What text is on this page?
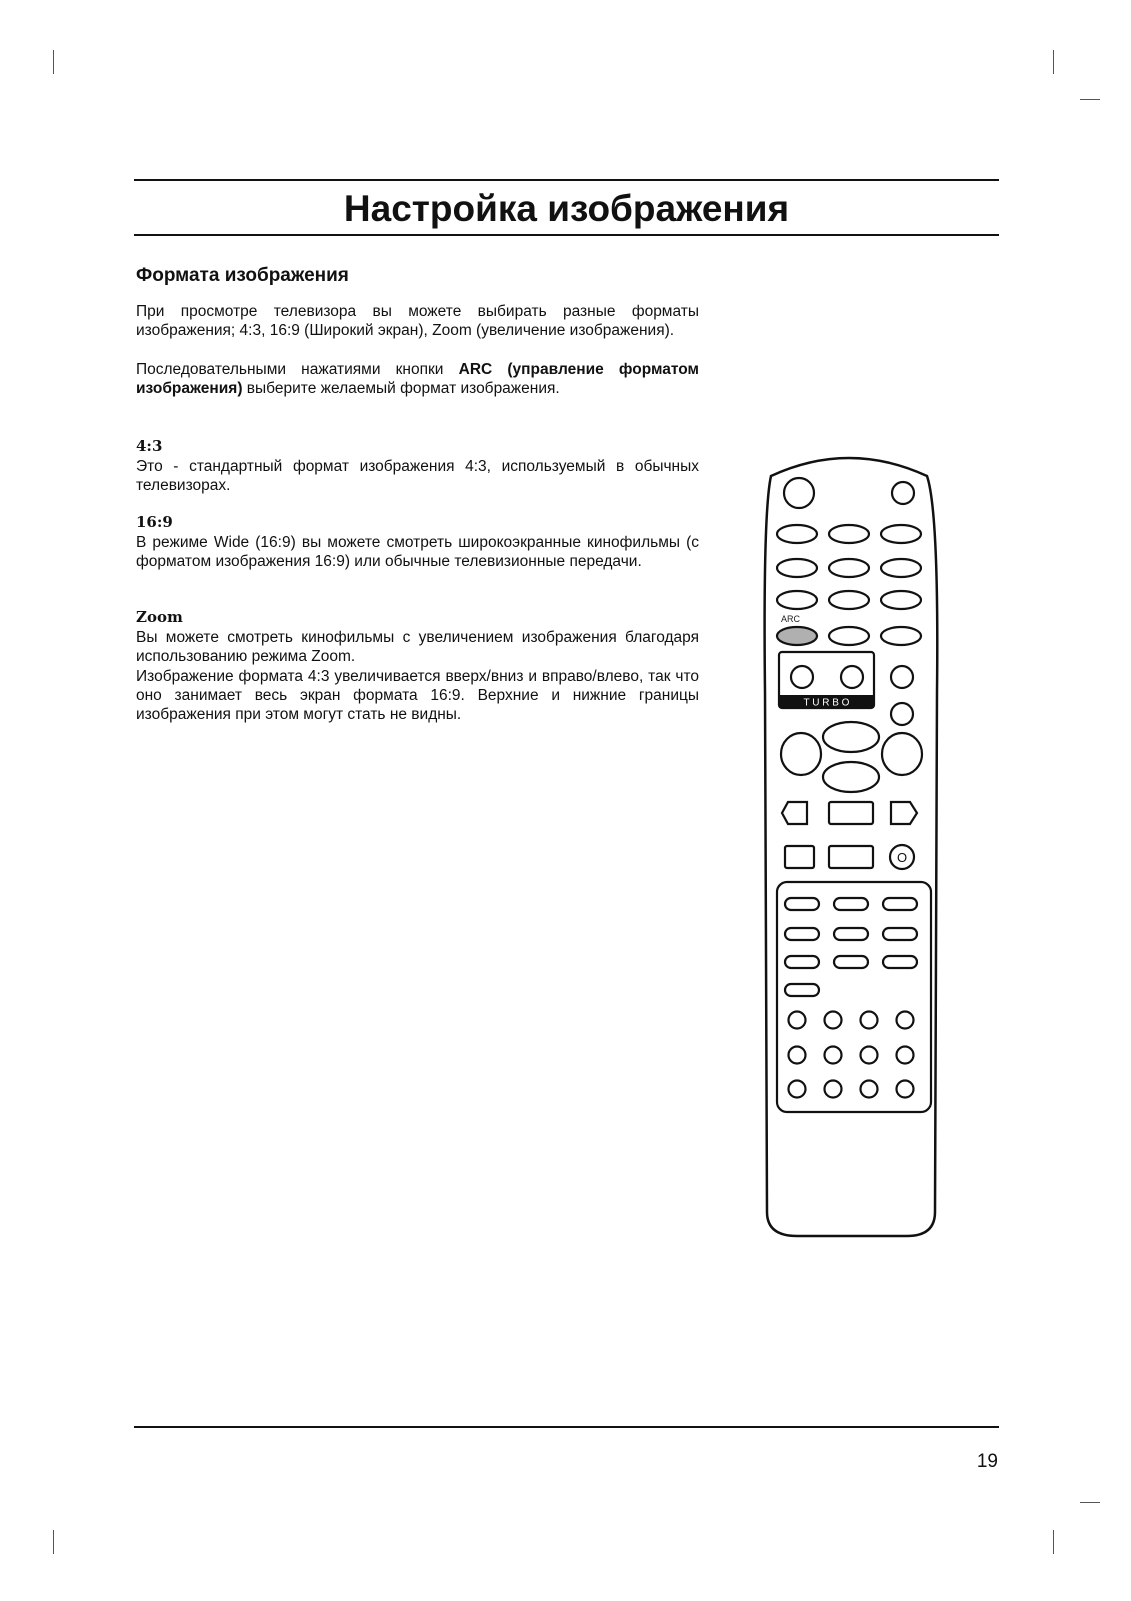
Настройка изображения
Формата изображения

При просмотре телевизора вы можете выбирать разные форматы изображения; 4:3, 16:9 (Широкий экран), Zoom (увеличение изображения).

Последовательными нажатиями кнопки ARC (управление форматом изображения) выберите желаемый формат изображения.

4:3

Это - стандартный формат изображения 4:3, используемый в обычных телевизорах.

16:9

В режиме Wide (16:9) вы можете смотреть широкоэкранные кинофильмы (с форматом изображения 16:9) или обычные телевизионные передачи.

Zoom

Вы можете смотреть кинофильмы с увеличением изображения благодаря использованию режима Zoom.

Изображение формата 4:3 увеличивается вверх/вниз и вправо/влево, так что оно занимает весь экран формата 16:9. Верхние и нижние границы изображения при этом могут стать не видны.

T U R B O
ARC
O
19
